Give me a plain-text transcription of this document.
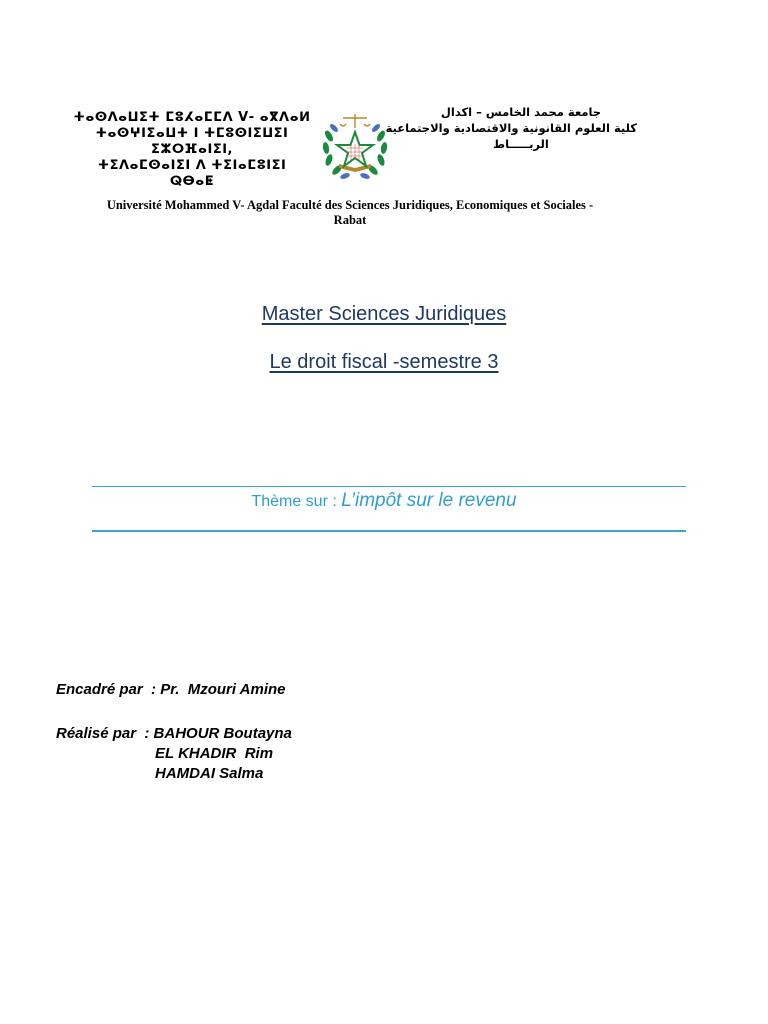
ⵜⴰⵙⴷⴰⵡⵉⵜ ⵎⵓⵃⴰⵎⵎⴷ Ⅴ- ⴰⴳⴷⴰⵍ
ⵜⴰⵙⵖⵏⵉⴰⵡⵜ ⵏ ⵜⵎⵓⵙⵏⵉⵡⵉⵏ
ⵉⵣⵔⴼⴰⵏⵉⵏ,
ⵜⵉⴷⴰⵎⵙⴰⵏⵉⵏ ⴷ ⵜⵉⵏⴰⵎⵓⵏⵉⵏ
ⵕⴱⴰⵟ
جامعة محمد الخامس – اكدال
كلية العلوم القانونية والاقتصادية والاجتماعية
الربـــــاط
Université Mohammed V- Agdal Faculté des Sciences Juridiques, Economiques et Sociales -
Rabat
Master Sciences Juridiques
Le droit fiscal -semestre 3
Thème sur : L’impôt sur le revenu
Encadré par  : Pr.  Mzouri Amine
Réalisé par  : BAHOUR Boutayna
EL KHADIR  Rim
HAMDAI Salma
